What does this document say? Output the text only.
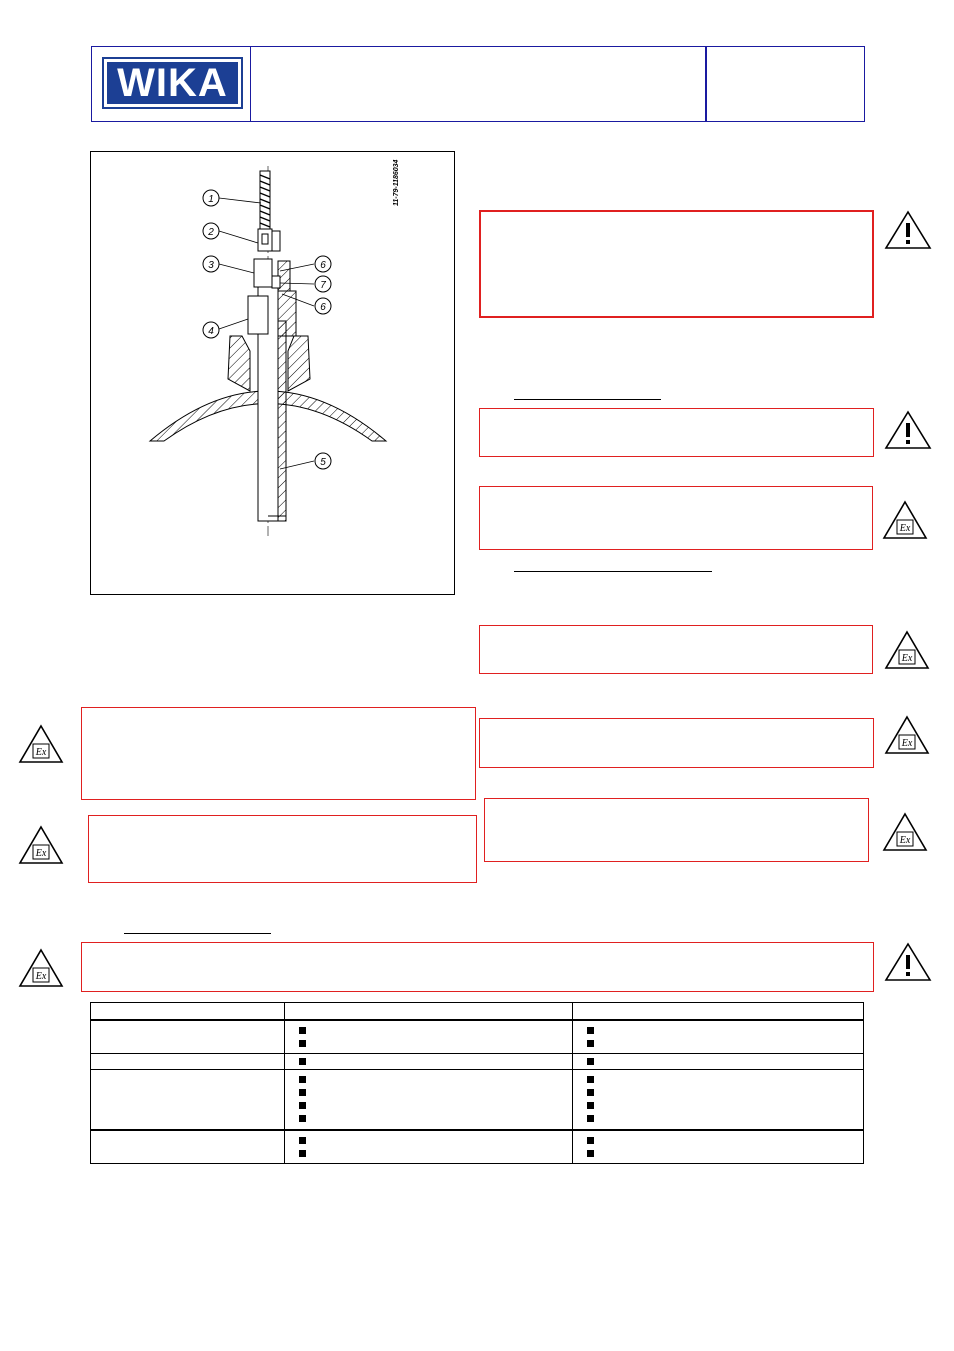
WIKA
1
2
3
4
5
6
7
6
11-79-1186034
Ex
Ex
Ex
Ex
Ex
Ex
Ex
